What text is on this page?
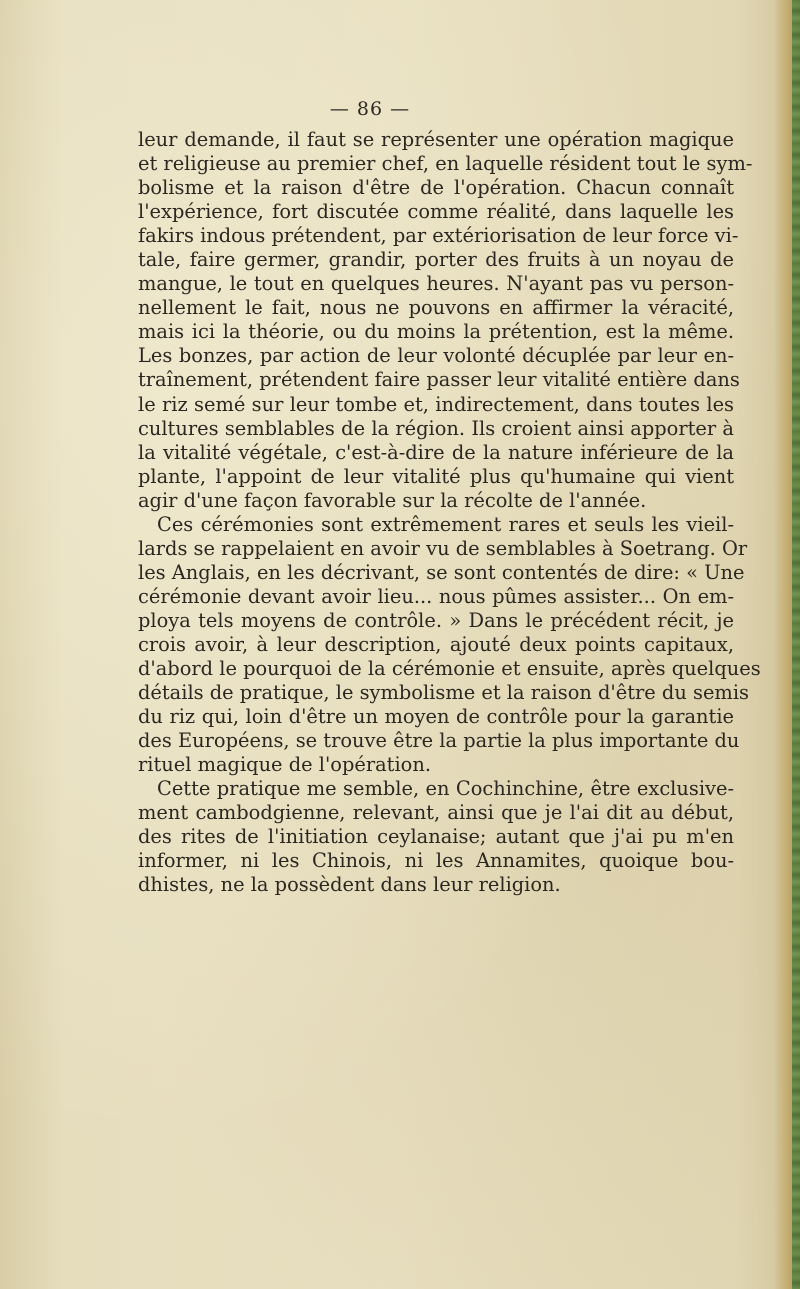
— 86 —
leur demande, il faut se représenter une opération magique
et religieuse au premier chef, en laquelle résident tout le sym-
bolisme et la raison d'être de l'opération. Chacun connaît
l'expérience, fort discutée comme réalité, dans laquelle les
fakirs indous prétendent, par extériorisation de leur force vi-
tale, faire germer, grandir, porter des fruits à un noyau de
mangue, le tout en quelques heures. N'ayant pas vu person-
nellement le fait, nous ne pouvons en affirmer la véracité,
mais ici la théorie, ou du moins la prétention, est la même.
Les bonzes, par action de leur volonté décuplée par leur en-
traînement, prétendent faire passer leur vitalité entière dans
le riz semé sur leur tombe et, indirectement, dans toutes les
cultures semblables de la région. Ils croient ainsi apporter à
la vitalité végétale, c'est-à-dire de la nature inférieure de la
plante, l'appoint de leur vitalité plus qu'humaine qui vient
agir d'une façon favorable sur la récolte de l'année.
Ces cérémonies sont extrêmement rares et seuls les vieil-
lards se rappelaient en avoir vu de semblables à Soetrang. Or
les Anglais, en les décrivant, se sont contentés de dire: « Une
cérémonie devant avoir lieu... nous pûmes assister... On em-
ploya tels moyens de contrôle. » Dans le précédent récit, je
crois avoir, à leur description, ajouté deux points capitaux,
d'abord le pourquoi de la cérémonie et ensuite, après quelques
détails de pratique, le symbolisme et la raison d'être du semis
du riz qui, loin d'être un moyen de contrôle pour la garantie
des Européens, se trouve être la partie la plus importante du
rituel magique de l'opération.
Cette pratique me semble, en Cochinchine, être exclusive-
ment cambodgienne, relevant, ainsi que je l'ai dit au début,
des rites de l'initiation ceylanaise; autant que j'ai pu m'en
informer, ni les Chinois, ni les Annamites, quoique bou-
dhistes, ne la possèdent dans leur religion.
